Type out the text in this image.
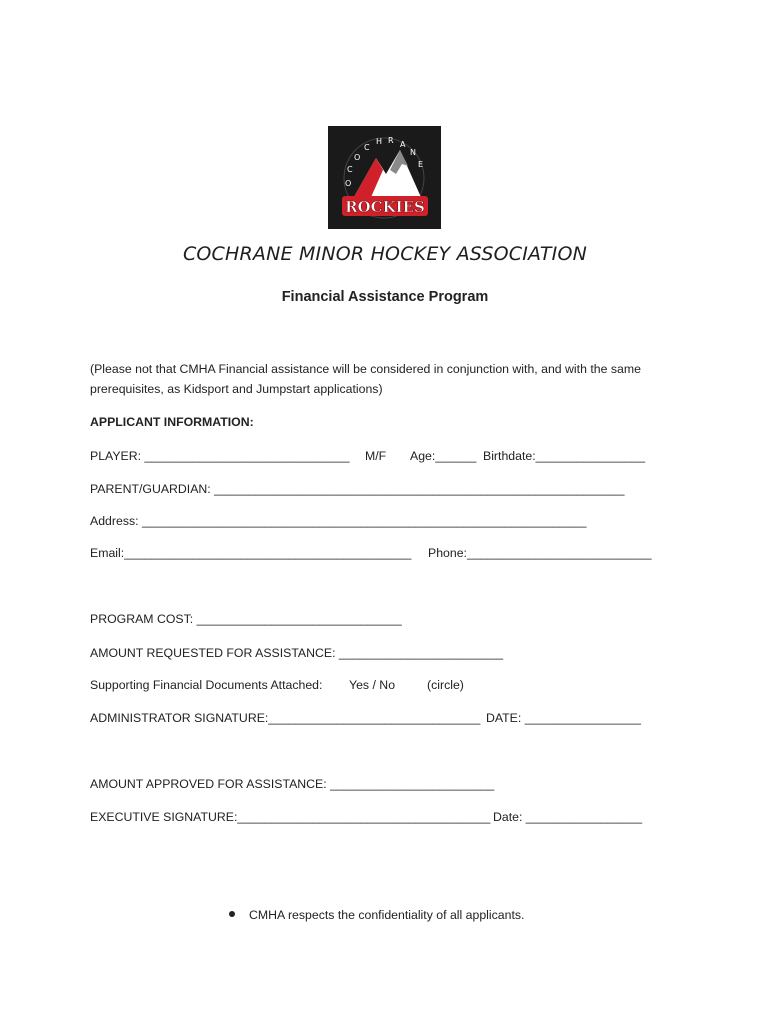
C
H R A
N
E
O
C
O
ROCKIES
COCHRANE MINOR HOCKEY ASSOCIATION
Financial Assistance Program
(Please not that CMHA Financial assistance will be considered in conjunction with, and with the same
prerequisites, as Kidsport and Jumpstart applications)
APPLICANT INFORMATION:
PLAYER: ______________________________ M/F Age:______ Birthdate:________________
PARENT/GUARDIAN: ____________________________________________________________
Address: _________________________________________________________________
Email:__________________________________________ Phone:___________________________
PROGRAM COST: ______________________________
AMOUNT REQUESTED FOR ASSISTANCE: ________________________
Supporting Financial Documents Attached: Yes / No	(circle)
ADMINISTRATOR SIGNATURE:_______________________________ DATE: _________________
AMOUNT APPROVED FOR ASSISTANCE: ________________________
EXECUTIVE SIGNATURE:_____________________________________ Date: _________________
CMHA respects the confidentiality of all applicants.
